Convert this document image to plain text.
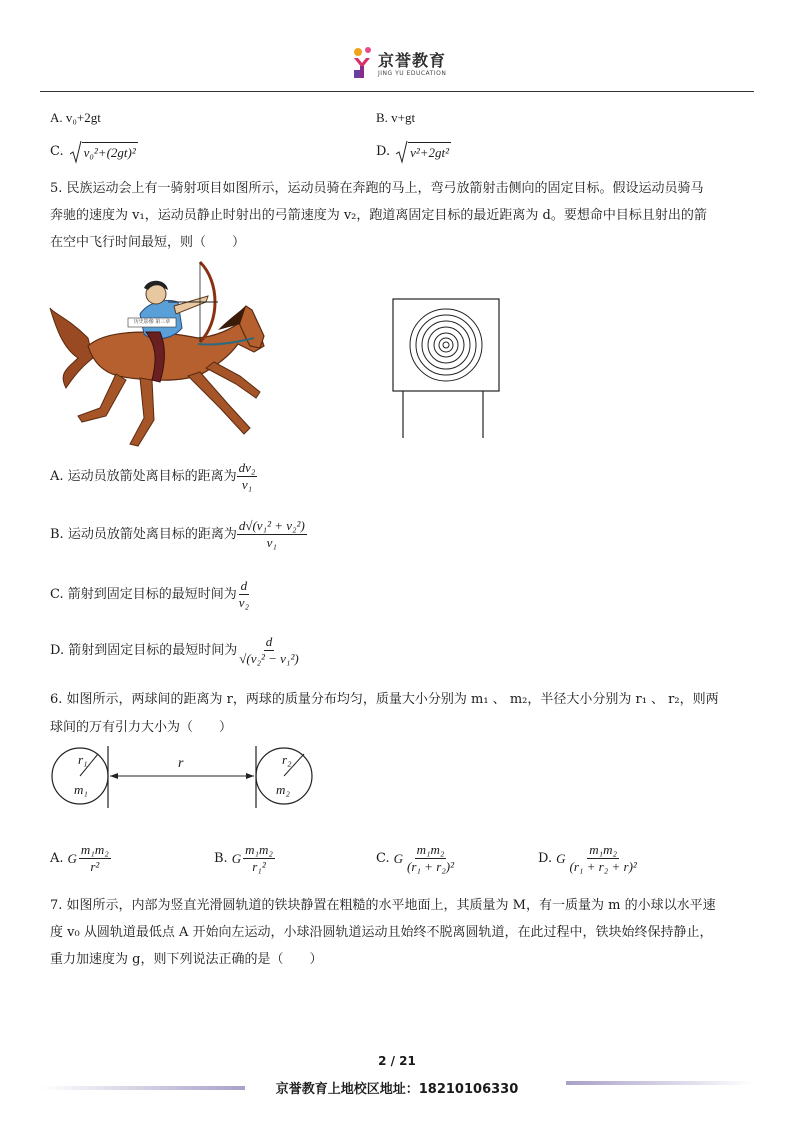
京誉教育
JING YU EDUCATION
A. v₀+2gt	B. v+gt
C. v₀²+(2gt)²	D. v²+2gt²
5. 民族运动会上有一骑射项目如图所示，运动员骑在奔跑的马上，弯弓放箭射击侧向的固定目标。假设运动员骑马
奔驰的速度为 v₁，运动员静止时射出的弓箭速度为 v₂，跑道离固定目标的最近距离为 d。要想命中目标且射出的箭
在空中飞行时间最短，则（　　）
历史影像 第三章
A. 运动员放箭处离目标的距离为 $\frac{\text{dv₂}}{\text{v₁}}$
B. 运动员放箭处离目标的距离为 $\frac{\text{d√(v₁² + v₂²)}}{\text{v₁}}$
C. 箭射到固定目标的最短时间为 $\frac{d}{\text{v₂}}$
D. 箭射到固定目标的最短时间为 $\frac{d}{\text{√(v₂² − v₁²)}}$
6. 如图所示，两球间的距离为 r，两球的质量分布均匀，质量大小分别为 m₁ 、 m₂，半径大小分别为 r₁ 、 r₂，则两
球间的万有引力大小为（　　）
r₁
m₁
r	r₂
m₂
A. G $\frac{\text{m₁m₂}}{\text{r²}}$	B. G $\frac{\text{m₁m₂}}{\text{r₁²}}$	C. G $\frac{\text{m₁m₂}}{\text{(r₁ + r₂)²}}$	D. G $\frac{\text{m₁m₂}}{\text{(r₁ + r₂ + r)²}}$
7. 如图所示，内部为竖直光滑圆轨道的铁块静置在粗糙的水平地面上，其质量为 M，有一质量为 m 的小球以水平速
度 v₀ 从圆轨道最低点 A 开始向左运动，小球沿圆轨道运动且始终不脱离圆轨道，在此过程中，铁块始终保持静止，
重力加速度为 g，则下列说法正确的是（　　）
2 / 21
京誉教育上地校区地址：18210106330
